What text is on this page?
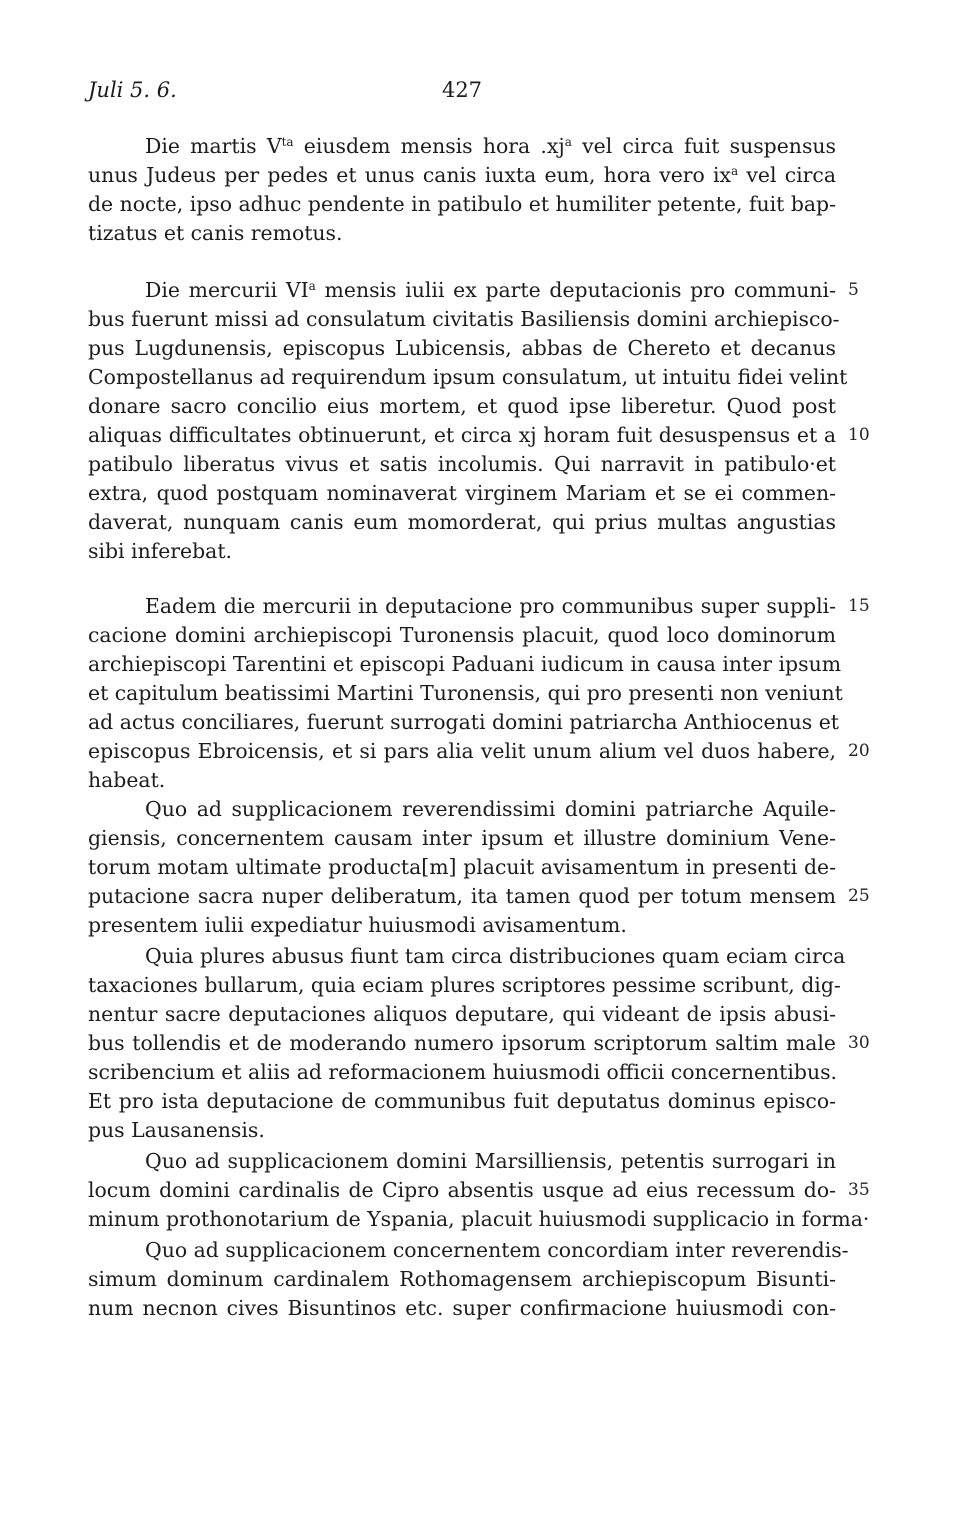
Juli 5. 6.	427
Die martis $V^{ta}$ eiusdem mensis hora $.xj^a$ vel circa fuit suspensus
unus Judeus per pedes et unus canis iuxta eum, hora vero $ix^a$ vel circa
de nocte, ipso adhuc pendente in patibulo et humiliter petente, fuit bap-
tizatus et canis remotus.
Die mercurii $VI^a$ mensis iulii ex parte deputacionis pro communi-
bus fuerunt missi ad consulatum civitatis Basiliensis domini archiepisco-
pus Lugdunensis, episcopus Lubicensis, abbas de Chereto et decanus
Compostellanus ad requirendum ipsum consulatum, ut intuitu fidei velint
donare sacro concilio eius mortem, et quod ipse liberetur. Quod post
aliquas difficultates obtinuerunt, et circa xj horam fuit desuspensus et a
patibulo liberatus vivus et satis incolumis. Qui narravit in patibulo·et
extra, quod postquam nominaverat virginem Mariam et se ei commen-
daverat, nunquam canis eum momorderat, qui prius multas angustias
sibi inferebat.
Eadem die mercurii in deputacione pro communibus super suppli-
cacione domini archiepiscopi Turonensis placuit, quod loco dominorum
archiepiscopi Tarentini et episcopi Paduani iudicum in causa inter ipsum
et capitulum beatissimi Martini Turonensis, qui pro presenti non veniunt
ad actus conciliares, fuerunt surrogati domini patriarcha Anthiocenus et
episcopus Ebroicensis, et si pars alia velit unum alium vel duos habere,
habeat.
Quo ad supplicacionem reverendissimi domini patriarche Aquile-
giensis, concernentem causam inter ipsum et illustre dominium Vene-
torum motam ultimate producta[m] placuit avisamentum in presenti de-
putacione sacra nuper deliberatum, ita tamen quod per totum mensem
presentem iulii expediatur huiusmodi avisamentum.
Quia plures abusus fiunt tam circa distribuciones quam eciam circa
taxaciones bullarum, quia eciam plures scriptores pessime scribunt, dig-
nentur sacre deputaciones aliquos deputare, qui videant de ipsis abusi-
bus tollendis et de moderando numero ipsorum scriptorum saltim male
scribencium et aliis ad reformacionem huiusmodi officii concernentibus.
Et pro ista deputacione de communibus fuit deputatus dominus episco-
pus Lausanensis.
Quo ad supplicacionem domini Marsilliensis, petentis surrogari in
locum domini cardinalis de Cipro absentis usque ad eius recessum do-
minum prothonotarium de Yspania, placuit huiusmodi supplicacio in forma·
Quo ad supplicacionem concernentem concordiam inter reverendis-
simum dominum cardinalem Rothomagensem archiepiscopum Bisunti-
num necnon cives Bisuntinos etc. super confirmacione huiusmodi con-
5
10
15
20
25
30
35
